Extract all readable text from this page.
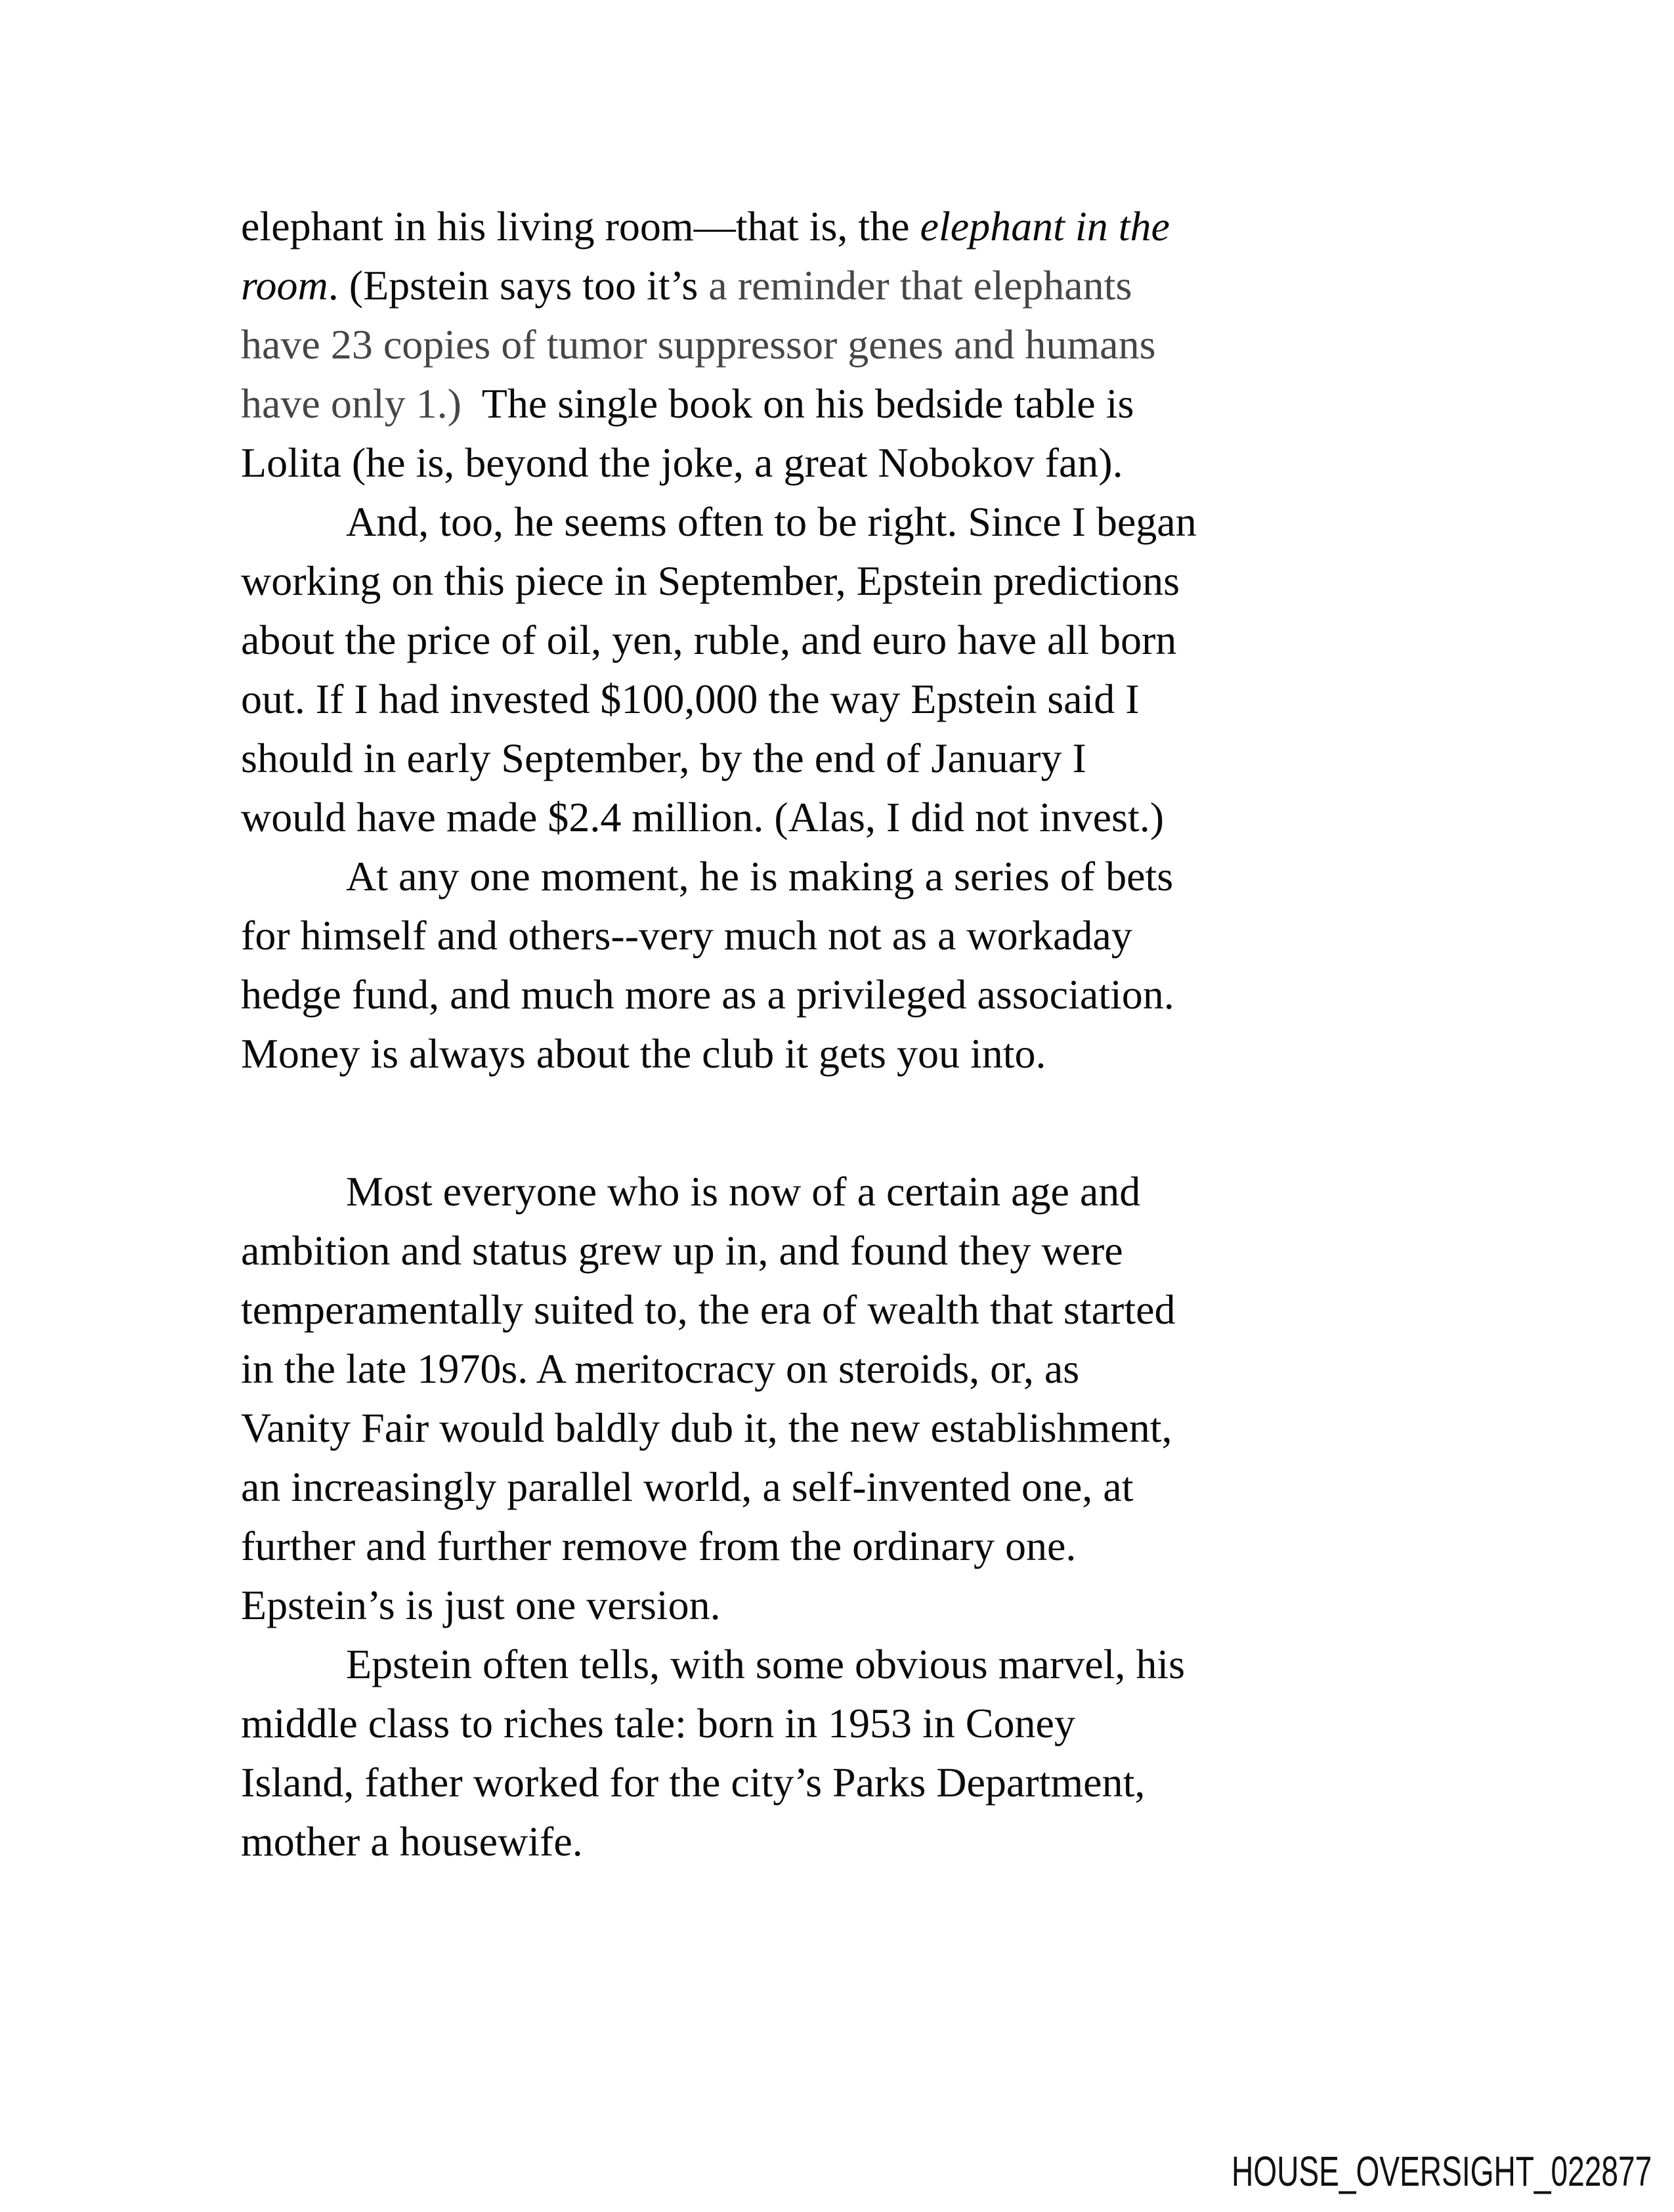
elephant in his living room—that is, the elephant in the
room. (Epstein says too it’s a reminder that elephants
have 23 copies of tumor suppressor genes and humans
have only 1.)  The single book on his bedside table is
Lolita (he is, beyond the joke, a great Nobokov fan).
And, too, he seems often to be right. Since I began
working on this piece in September, Epstein predictions
about the price of oil, yen, ruble, and euro have all born
out. If I had invested $100,000 the way Epstein said I
should in early September, by the end of January I
would have made $2.4 million. (Alas, I did not invest.)
At any one moment, he is making a series of bets
for himself and others--very much not as a workaday
hedge fund, and much more as a privileged association.
Money is always about the club it gets you into.
Most everyone who is now of a certain age and
ambition and status grew up in, and found they were
temperamentally suited to, the era of wealth that started
in the late 1970s. A meritocracy on steroids, or, as
Vanity Fair would baldly dub it, the new establishment,
an increasingly parallel world, a self-invented one, at
further and further remove from the ordinary one.
Epstein’s is just one version.
Epstein often tells, with some obvious marvel, his
middle class to riches tale: born in 1953 in Coney
Island, father worked for the city’s Parks Department,
mother a housewife.
HOUSE_OVERSIGHT_022877
